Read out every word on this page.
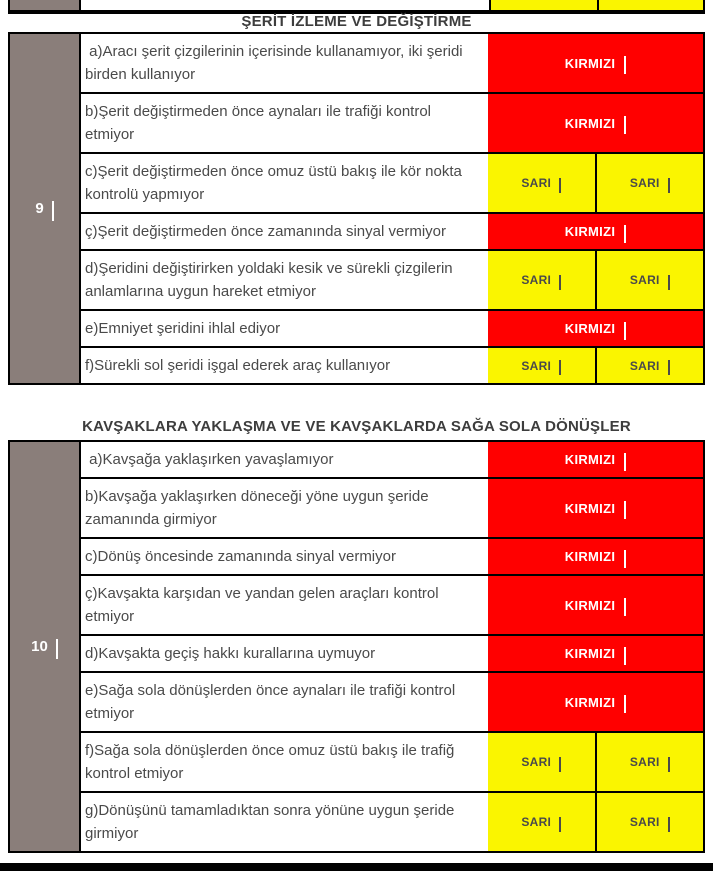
ŞERİT İZLEME VE DEĞİŞTİRME
9
a)Aracı şerit çizgilerinin içerisinde kullanamıyor, iki şeridi birden kullanıyor
KIRMIZI
b)Şerit değiştirmeden önce aynaları ile trafiği kontrol etmiyor
KIRMIZI
c)Şerit değiştirmeden önce omuz üstü bakış ile kör nokta kontrolü yapmıyor
SARI	SARI
ç)Şerit değiştirmeden önce zamanında sinyal vermiyor	KIRMIZI
d)Şeridini değiştirirken yoldaki kesik ve sürekli çizgilerin anlamlarına uygun hareket etmiyor
SARI	SARI
e)Emniyet şeridini ihlal ediyor	KIRMIZI
f)Sürekli sol şeridi işgal ederek araç kullanıyor	SARI	SARI
KAVŞAKLARA YAKLAŞMA VE VE KAVŞAKLARDA SAĞA SOLA DÖNÜŞLER
10
a)Kavşağa yaklaşırken yavaşlamıyor	KIRMIZI
b)Kavşağa yaklaşırken döneceği yöne uygun şeride zamanında girmiyor
KIRMIZI
c)Dönüş öncesinde zamanında sinyal vermiyor	KIRMIZI
ç)Kavşakta karşıdan ve yandan gelen araçları kontrol etmiyor
KIRMIZI
d)Kavşakta geçiş hakkı kurallarına uymuyor	KIRMIZI
e)Sağa sola dönüşlerden önce aynaları ile trafiği kontrol etmiyor
KIRMIZI
f)Sağa sola dönüşlerden önce omuz üstü bakış ile trafiğ kontrol etmiyor
SARI	SARI
g)Dönüşünü tamamladıktan sonra yönüne uygun şeride girmiyor
SARI	SARI
